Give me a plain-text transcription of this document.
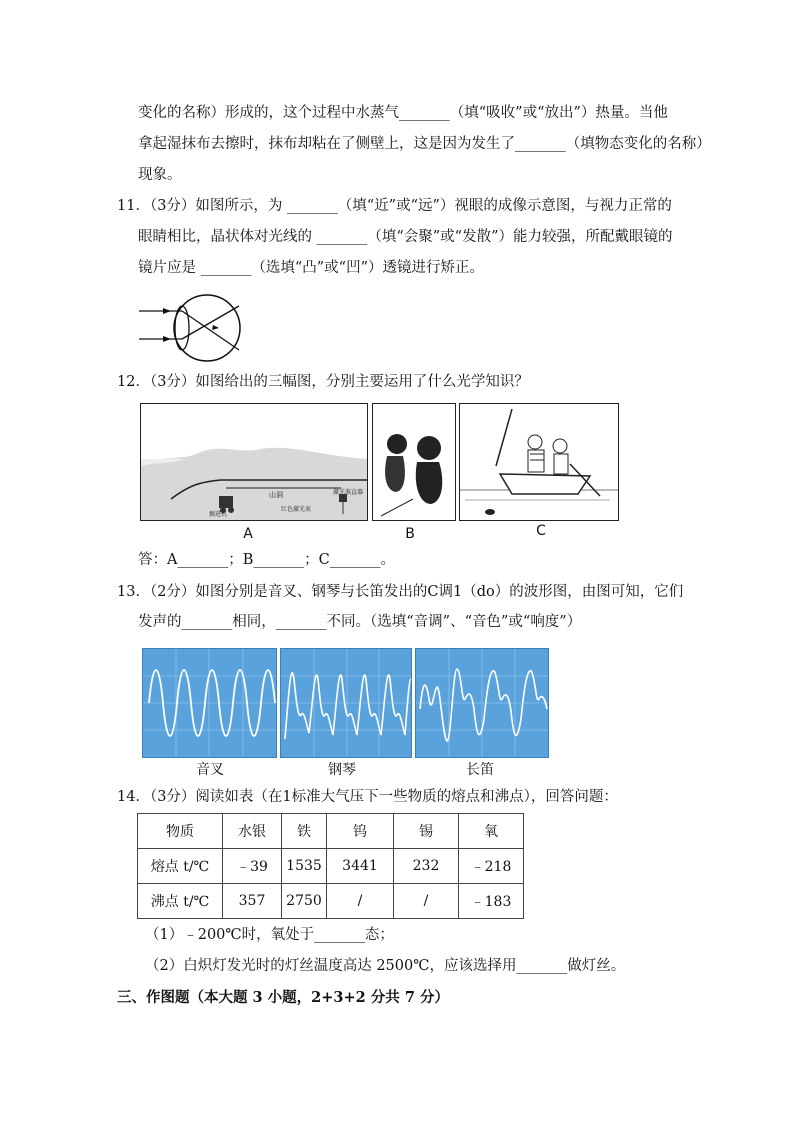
变化的名称）形成的，这个过程中水蒸气_______（填“吸收”或“放出”）热量。当他
拿起湿抹布去擦时，抹布却粘在了侧壁上，这是因为发生了_______（填物态变化的名称）
现象。
11．（3分）如图所示，为 _______（填“近”或“远”）视眼的成像示意图，与视力正常的
眼睛相比，晶状体对光线的 _______（填“会聚”或“发散”）能力较强，所配戴眼镜的
镜片应是 _______（选填“凸”或“凹”）透镜进行矫正。
12．（3分）如图给出的三幅图，分别主要运用了什么光学知识？
山洞	激光准直器
掘进机
红色激光束
A	B	C
答：A_______；B_______；C_______。
13．（2分）如图分别是音叉、钢琴与长笛发出的C调1（do）的波形图，由图可知，它们
发声的_______相同，_______不同。（选填“音调”、“音色”或“响度”）
音叉	钢琴	长笛
14．（3分）阅读如表（在1标准大气压下一些物质的熔点和沸点），回答问题：
物质	水银	铁	钨	锡	氧
熔点 t/℃	﹣39	1535	3441	232	﹣218
沸点 t/℃	357	2750	/	/	﹣183
（1）﹣200℃时，氧处于_______态；
（2）白炽灯发光时的灯丝温度高达 2500℃，应该选择用_______做灯丝。
三、作图题（本大题 3 小题，2+3+2 分共 7 分）
